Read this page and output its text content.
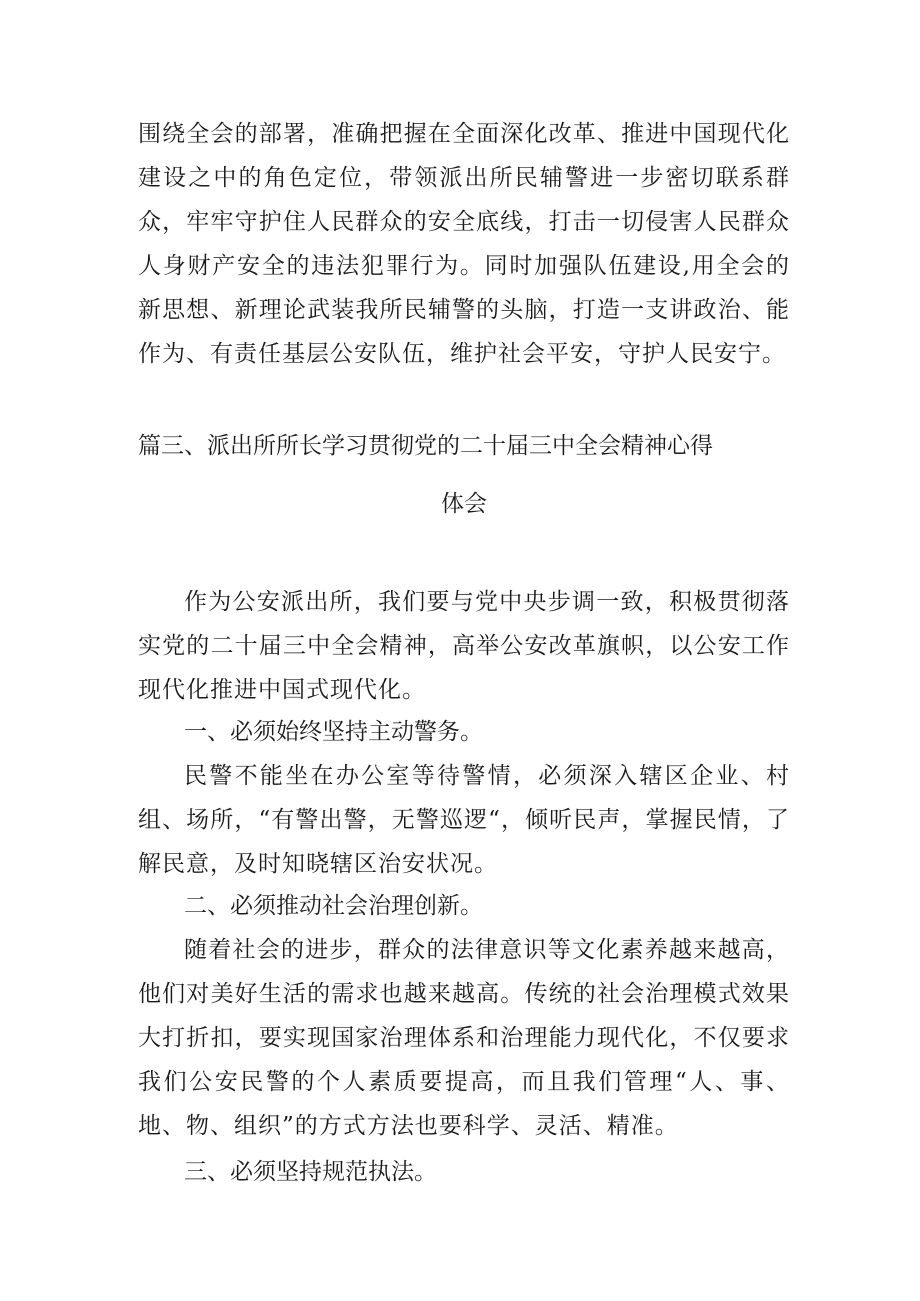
围绕全会的部署，准确把握在全面深化改革、推进中国现代化建设之中的角色定位，带领派出所民辅警进一步密切联系群众，牢牢守护住人民群众的安全底线，打击一切侵害人民群众人身财产安全的违法犯罪行为。同时加强队伍建设,用全会的新思想、新理论武装我所民辅警的头脑，打造一支讲政治、能作为、有责任基层公安队伍，维护社会平安，守护人民安宁。

篇三、派出所所长学习贯彻党的二十届三中全会精神心得
体会

作为公安派出所，我们要与党中央步调一致，积极贯彻落实党的二十届三中全会精神，高举公安改革旗帜，以公安工作现代化推进中国式现代化。

一、必须始终坚持主动警务。

民警不能坐在办公室等待警情，必须深入辖区企业、村组、场所，“有警出警，无警巡逻“，倾听民声，掌握民情，了解民意，及时知晓辖区治安状况。

二、必须推动社会治理创新。

随着社会的进步，群众的法律意识等文化素养越来越高，他们对美好生活的需求也越来越高。传统的社会治理模式效果大打折扣，要实现国家治理体系和治理能力现代化，不仅要求我们公安民警的个人素质要提高，而且我们管理“人、事、地、物、组织”的方式方法也要科学、灵活、精准。

三、必须坚持规范执法。
